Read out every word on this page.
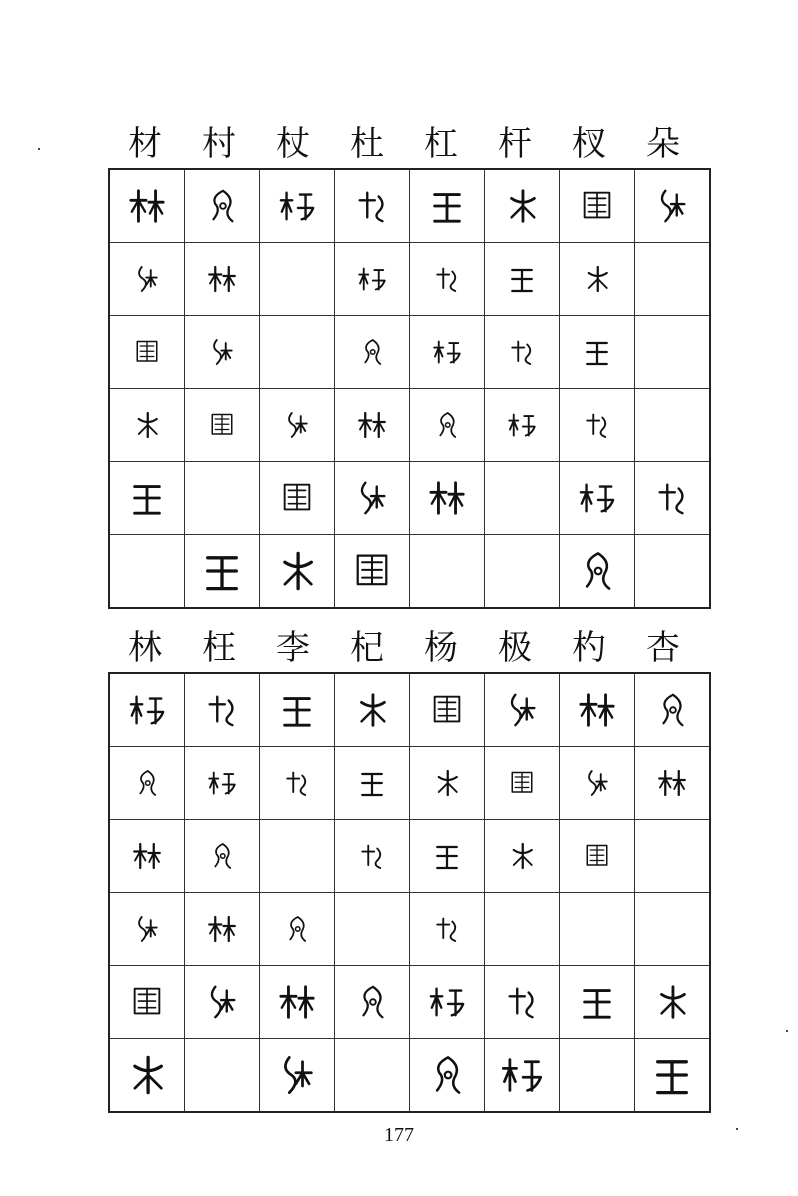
材	村	杖	杜	杠	杆	杈	朵

林	枉	李	杞	杨	极	杓	杏

177
